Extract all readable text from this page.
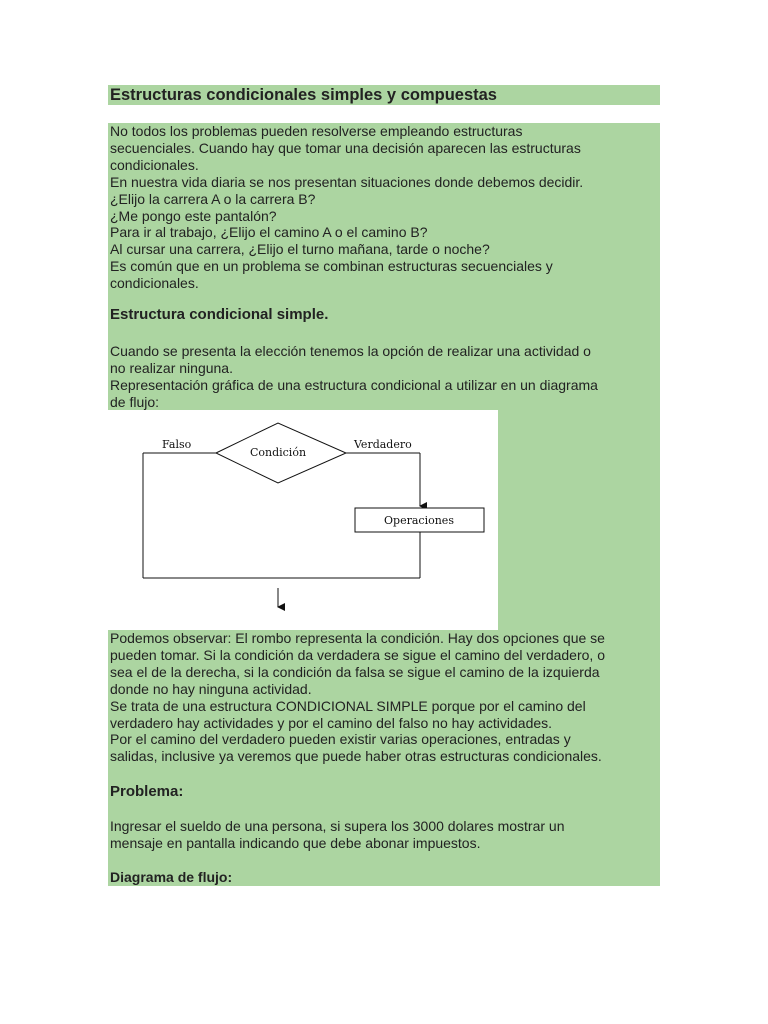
Estructuras condicionales simples y compuestas
No todos los problemas pueden resolverse empleando estructuras
secuenciales. Cuando hay que tomar una decisión aparecen las estructuras
condicionales.
En nuestra vida diaria se nos presentan situaciones donde debemos decidir.
¿Elijo la carrera A o la carrera B?
¿Me pongo este pantalón?
Para ir al trabajo, ¿Elijo el camino A o el camino B?
Al cursar una carrera, ¿Elijo el turno mañana, tarde o noche?
Es común que en un problema se combinan estructuras secuenciales y
condicionales.
Estructura condicional simple.
Cuando se presenta la elección tenemos la opción de realizar una actividad o
no realizar ninguna.
Representación gráfica de una estructura condicional a utilizar en un diagrama
de flujo:
Condición
Falso	Verdadero
Operaciones
Podemos observar: El rombo representa la condición. Hay dos opciones que se
pueden tomar. Si la condición da verdadera se sigue el camino del verdadero, o
sea el de la derecha, si la condición da falsa se sigue el camino de la izquierda
donde no hay ninguna actividad.
Se trata de una estructura CONDICIONAL SIMPLE porque por el camino del
verdadero hay actividades y por el camino del falso no hay actividades.
Por el camino del verdadero pueden existir varias operaciones, entradas y
salidas, inclusive ya veremos que puede haber otras estructuras condicionales.
Problema:
Ingresar el sueldo de una persona, si supera los 3000 dolares mostrar un
mensaje en pantalla indicando que debe abonar impuestos.
Diagrama de flujo:
